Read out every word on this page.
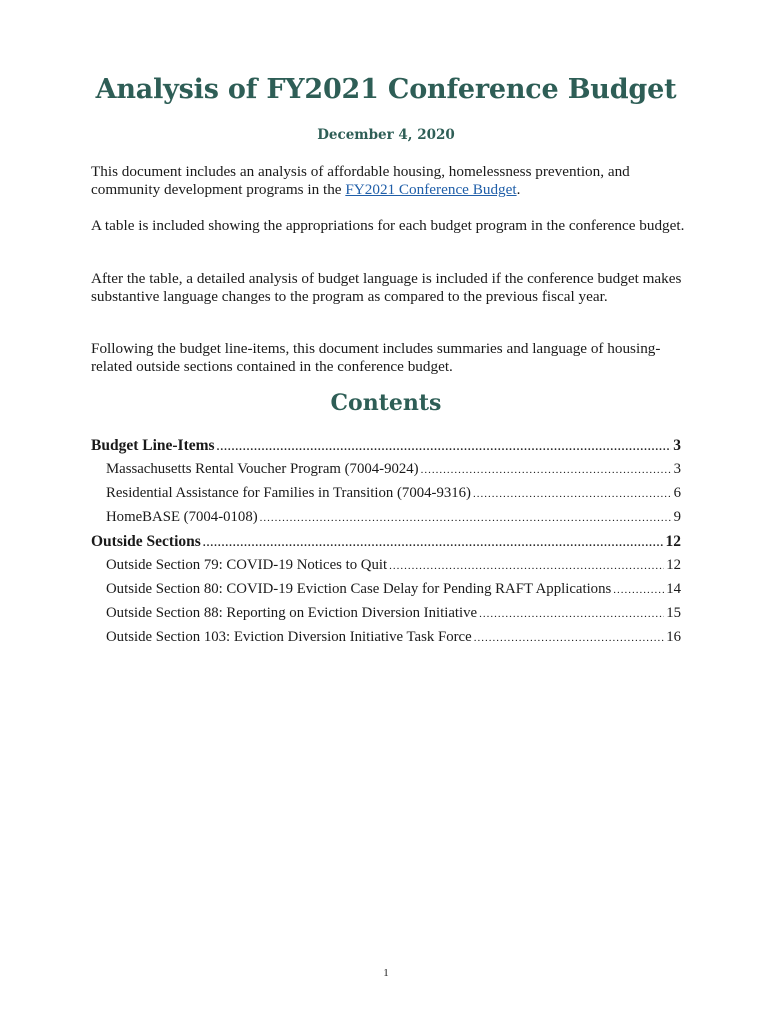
Analysis of FY2021 Conference Budget
December 4, 2020

This document includes an analysis of affordable housing, homelessness prevention, and community development programs in the FY2021 Conference Budget.

A table is included showing the appropriations for each budget program in the conference budget.

After the table, a detailed analysis of budget language is included if the conference budget makes substantive language changes to the program as compared to the previous fiscal year.

Following the budget line-items, this document includes summaries and language of housing-related outside sections contained in the conference budget.

Contents
Budget Line-Items .....	3
Massachusetts Rental Voucher Program (7004-9024) .....	3
Residential Assistance for Families in Transition (7004-9316) .....	6
HomeBASE (7004-0108) .....	9
Outside Sections .....	12
Outside Section 79: COVID-19 Notices to Quit .....	12
Outside Section 80: COVID-19 Eviction Case Delay for Pending RAFT Applications .....	14
Outside Section 88: Reporting on Eviction Diversion Initiative .....	15
Outside Section 103: Eviction Diversion Initiative Task Force .....	16
1
